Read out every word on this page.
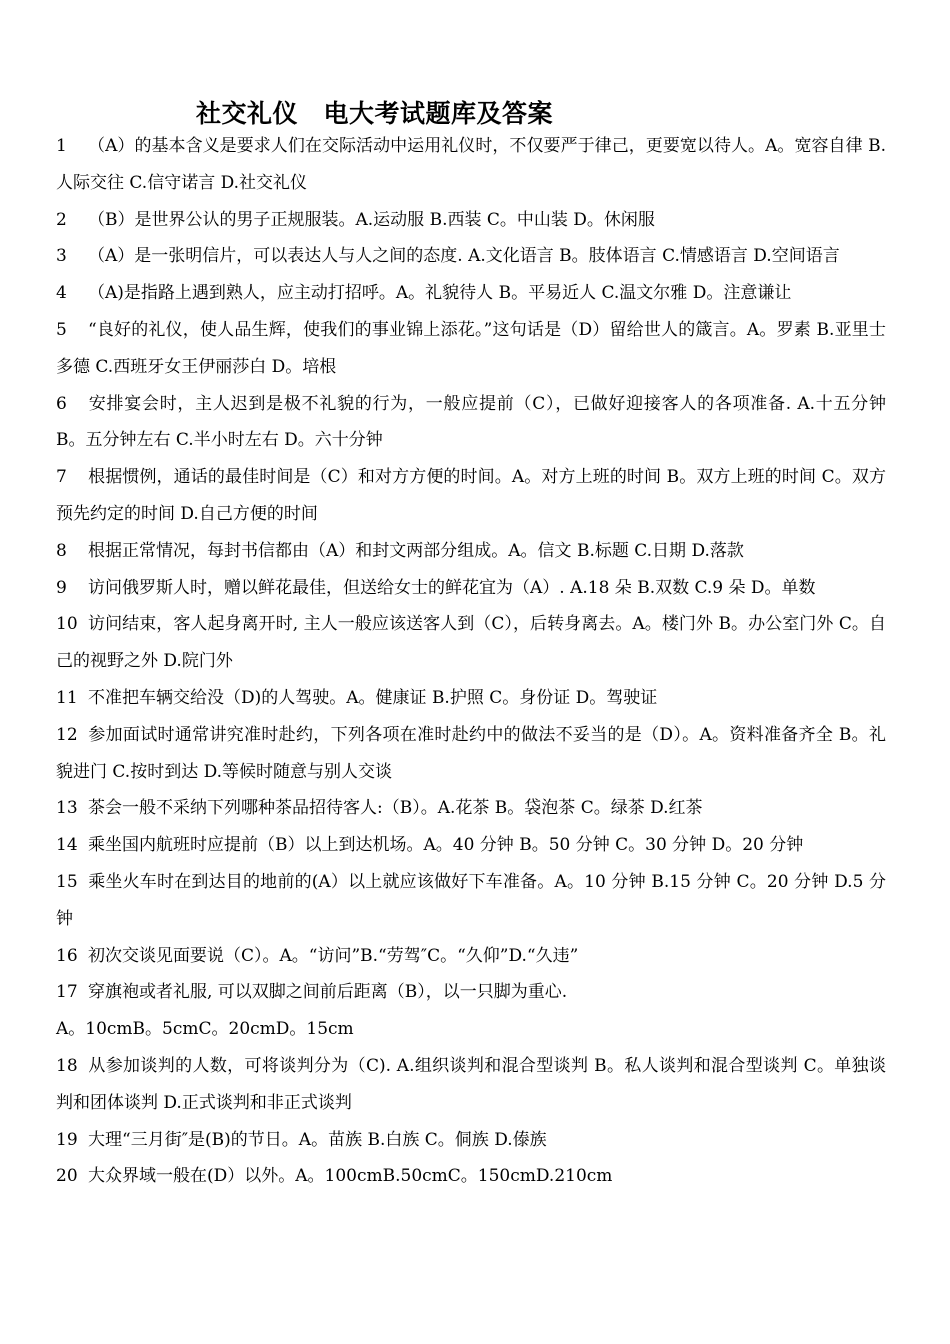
社交礼仪　电大考试题库及答案

1 （A）的基本含义是要求人们在交际活动中运用礼仪时，不仅要严于律己，更要宽以待人。A。宽容自律 B.人际交往 C.信守诺言 D.社交礼仪

2 （B）是世界公认的男子正规服装。A.运动服 B.西装 C。中山装 D。休闲服

3 （A）是一张明信片，可以表达人与人之间的态度. A.文化语言 B。肢体语言 C.情感语言 D.空间语言

4 （A)是指路上遇到熟人，应主动打招呼。A。礼貌待人 B。平易近人 C.温文尔雅 D。注意谦让

5 “良好的礼仪，使人品生辉，使我们的事业锦上添花。”这句话是（D）留给世人的箴言。A。罗素 B.亚里士多德 C.西班牙女王伊丽莎白 D。培根

6 安排宴会时，主人迟到是极不礼貌的行为，一般应提前（C），已做好迎接客人的各项准备. A.十五分钟 B。五分钟左右 C.半小时左右 D。六十分钟

7 根据惯例，通话的最佳时间是（C）和对方方便的时间。A。对方上班的时间 B。双方上班的时间 C。双方预先约定的时间 D.自己方便的时间

8 根据正常情况，每封书信都由（A）和封文两部分组成。A。信文 B.标题 C.日期 D.落款

9 访问俄罗斯人时，赠以鲜花最佳，但送给女士的鲜花宜为（A）. A.18 朵 B.双数 C.9 朵 D。单数

10 访问结束，客人起身离开时, 主人一般应该送客人到（C），后转身离去。A。楼门外 B。办公室门外 C。自己的视野之外 D.院门外

11 不准把车辆交给没（D)的人驾驶。A。健康证 B.护照 C。身份证 D。驾驶证

12 参加面试时通常讲究准时赴约，下列各项在准时赴约中的做法不妥当的是（D）。A。资料准备齐全 B。礼貌进门 C.按时到达 D.等候时随意与别人交谈

13 茶会一般不采纳下列哪种茶品招待客人:（B）。A.花茶 B。袋泡茶 C。绿茶 D.红茶

14 乘坐国内航班时应提前（B）以上到达机场。A。40 分钟 B。50 分钟 C。30 分钟 D。20 分钟

15 乘坐火车时在到达目的地前的(A）以上就应该做好下车准备。A。10 分钟 B.15 分钟 C。20 分钟 D.5 分钟

16 初次交谈见面要说（C）。A。“访问”B.“劳驾″C。“久仰”D.“久违”

17 穿旗袍或者礼服, 可以双脚之间前后距离（B），以一只脚为重心.
A。10cmB。5cmC。20cmD。15cm

18 从参加谈判的人数，可将谈判分为（C). A.组织谈判和混合型谈判 B。私人谈判和混合型谈判 C。单独谈判和团体谈判 D.正式谈判和非正式谈判

19 大理“三月街″是(B)的节日。A。苗族 B.白族 C。侗族 D.傣族

20 大众界域一般在(D）以外。A。100cmB.50cmC。150cmD.210cm
